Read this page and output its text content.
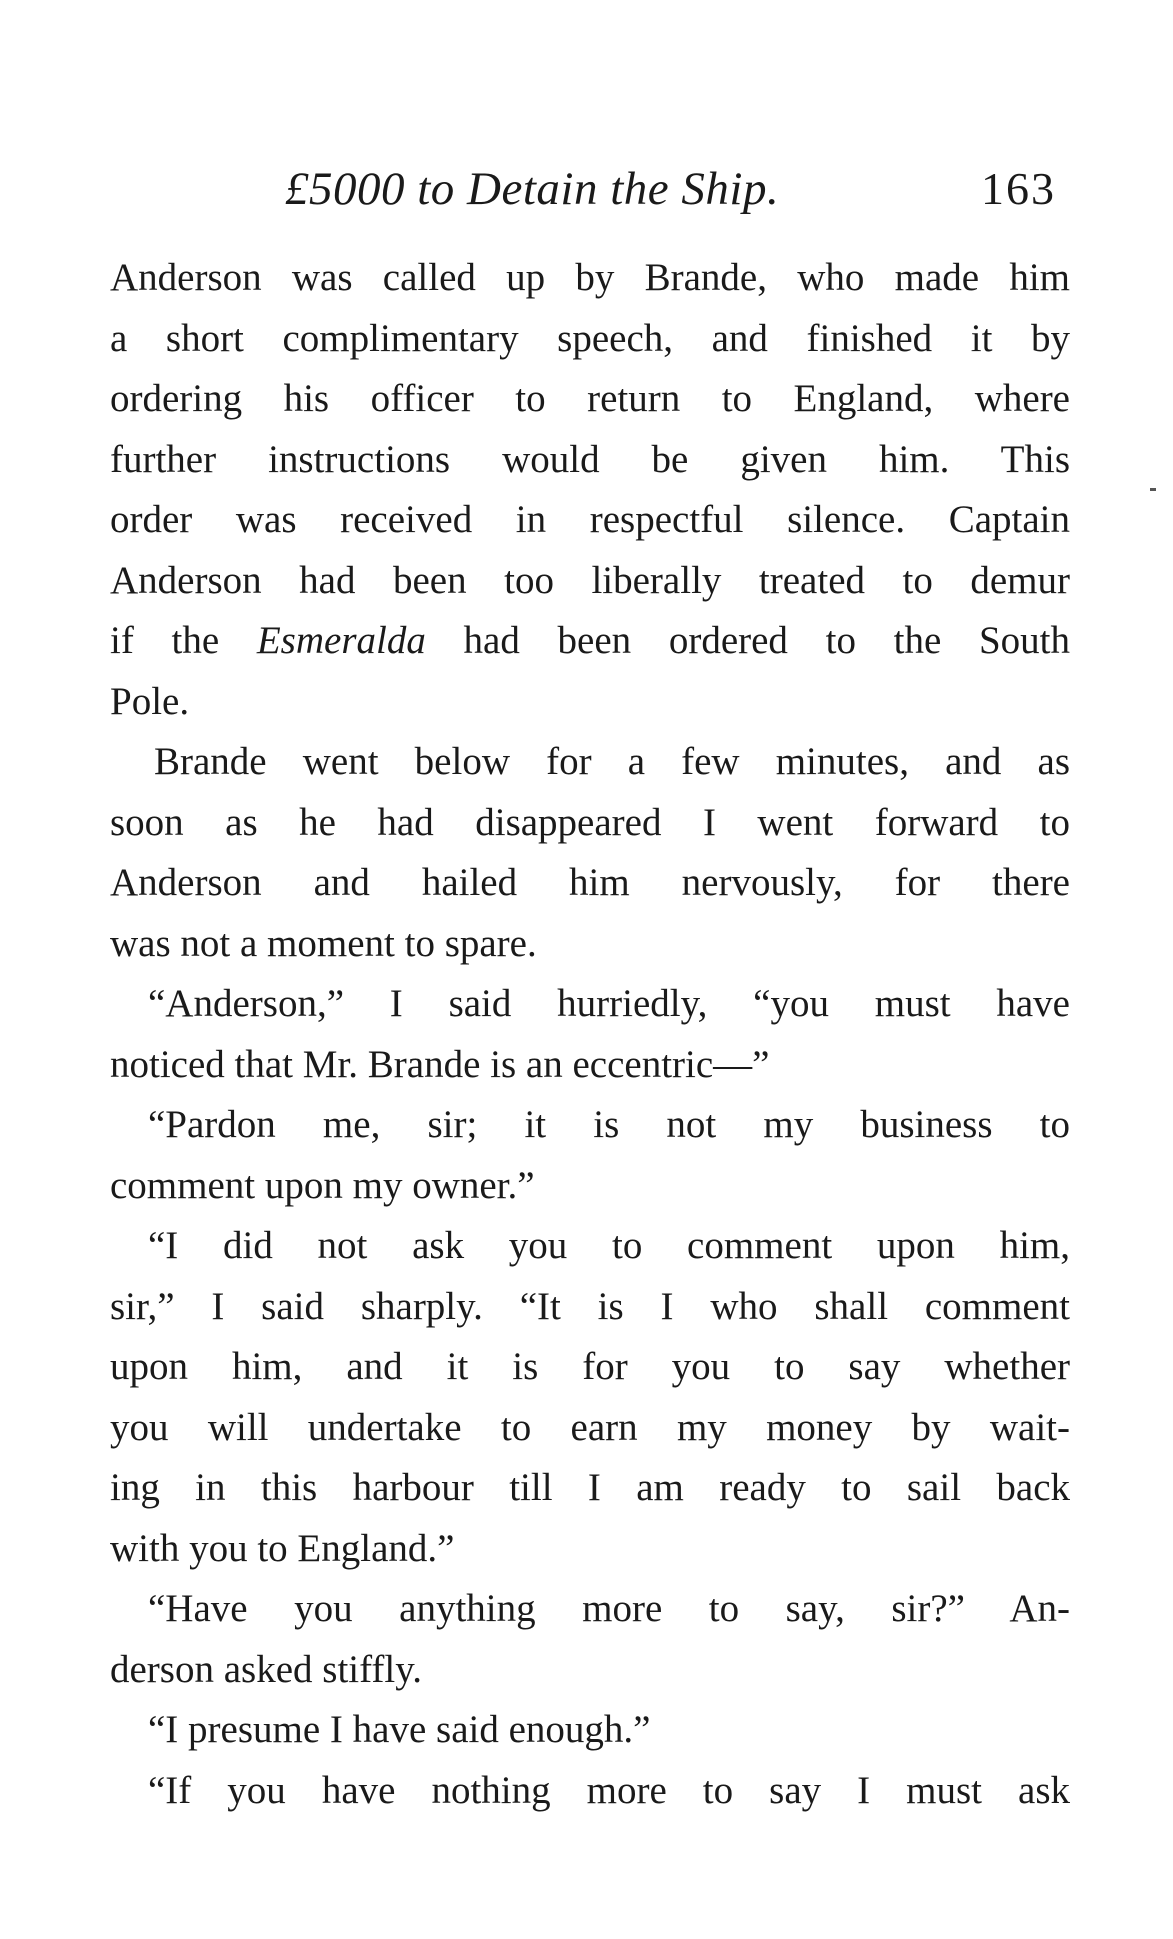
£5000 to Detain the Ship.	163
Anderson was called up by Brande, who made him
a short complimentary speech, and finished it by
ordering his officer to return to England, where
further instructions would be given him. This
order was received in respectful silence. Captain
Anderson had been too liberally treated to demur
if the Esmeralda had been ordered to the South
Pole.
Brande went below for a few minutes, and as
soon as he had disappeared I went forward to
Anderson and hailed him nervously, for there
was not a moment to spare.
“Anderson,” I said hurriedly, “you must have
noticed that Mr. Brande is an eccentric—”
“Pardon me, sir; it is not my business to
comment upon my owner.”
“I did not ask you to comment upon him,
sir,” I said sharply. “It is I who shall comment
upon him, and it is for you to say whether
you will undertake to earn my money by wait-
ing in this harbour till I am ready to sail back
with you to England.”
“Have you anything more to say, sir?” An-
derson asked stiffly.
“I presume I have said enough.”
“If you have nothing more to say I must ask
